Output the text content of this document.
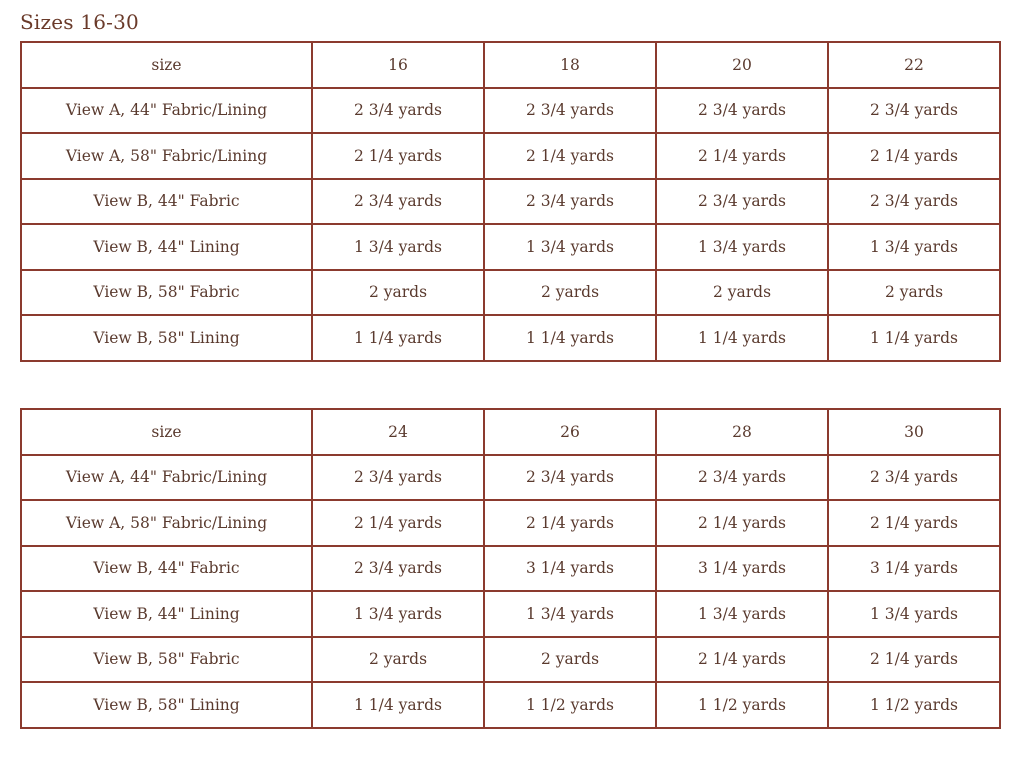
Sizes 16-30
size	16	18	20	22
View A, 44" Fabric/Lining	2 3/4 yards	2 3/4 yards	2 3/4 yards	2 3/4 yards
View A, 58" Fabric/Lining	2 1/4 yards	2 1/4 yards	2 1/4 yards	2 1/4 yards
View B, 44" Fabric	2 3/4 yards	2 3/4 yards	2 3/4 yards	2 3/4 yards
View B, 44" Lining	1 3/4 yards	1 3/4 yards	1 3/4 yards	1 3/4 yards
View B, 58" Fabric	2 yards	2 yards	2 yards	2 yards
View B, 58" Lining	1 1/4 yards	1 1/4 yards	1 1/4 yards	1 1/4 yards
size	24	26	28	30
View A, 44" Fabric/Lining	2 3/4 yards	2 3/4 yards	2 3/4 yards	2 3/4 yards
View A, 58" Fabric/Lining	2 1/4 yards	2 1/4 yards	2 1/4 yards	2 1/4 yards
View B, 44" Fabric	2 3/4 yards	3 1/4 yards	3 1/4 yards	3 1/4 yards
View B, 44" Lining	1 3/4 yards	1 3/4 yards	1 3/4 yards	1 3/4 yards
View B, 58" Fabric	2 yards	2 yards	2 1/4 yards	2 1/4 yards
View B, 58" Lining	1 1/4 yards	1 1/2 yards	1 1/2 yards	1 1/2 yards
